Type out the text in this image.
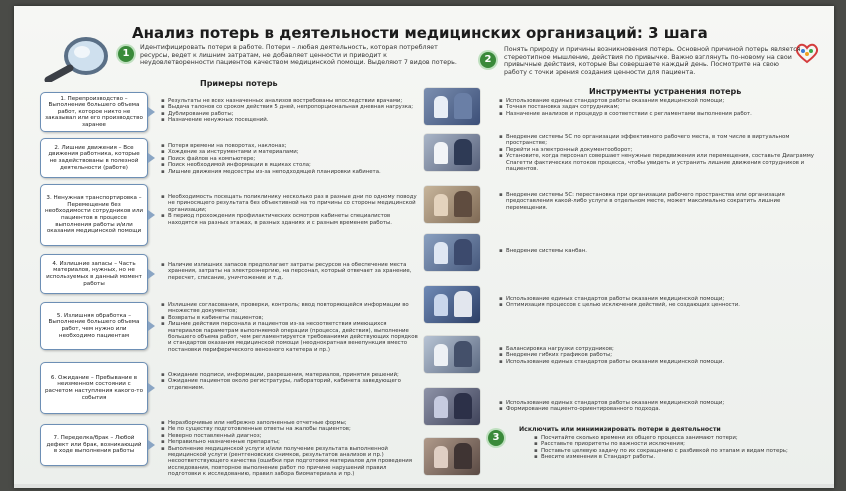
Анализ потерь в деятельности медицинских организаций: 3 шага
1
Идентифицировать потери в работе. Потери – любая деятельность, которая потребляет ресурсы, ведет к лишним затратам, не добавляет ценности и приводит к неудовлетворенности пациентов качеством медицинской помощи. Выделяют 7 видов потерь.	2
Понять природу и причины возникновения потерь. Основной причиной потерь является стереотипное мышление, действия по привычке. Важно взглянуть по-новому на свои привычные действия, которые Вы совершаете каждый день. Посмотрите на свою работу с точки зрения создания ценности для пациента.
Примеры потерь
Инструменты устранения потерь
1. Перепроизводство – Выполнение большего объема работ, которое никто не заказывал или его производство заранее
2. Лишние движения – Все движения работника, которые не задействованы в полезной деятельности (работе)
3. Ненужная транспортировка – Перемещение без необходимости сотрудников или пациентов в процессе выполнения работы и/или оказания медицинской помощи
4. Излишние запасы – Часть материалов, нужных, но не используемых в данный момент работы
5. Излишняя обработка – Выполнение большего объема работ, чем нужно или необходимо пациентам
6. Ожидание – Пребывание в неизменном состоянии с расчетом наступления какого-то события
7. Переделка/брак – Любой дефект или брак, возникающий в ходе выполнения работы
▪ Результаты не всех назначенных анализов востребованы впоследствии врачами;
▪ Выдача талонов со сроком действия 5 дней, непропорциональная дневная нагрузка;
▪ Дублирование работы;
▪ Назначение ненужных посещений.
▪ Потеря времени на поворотах, наклонах;
▪ Хождение за инструментами и материалами;
▪ Поиск файлов на компьютере;
▪ Поиск необходимой информации в ящиках стола;
▪ Лишние движения медсестры из-за неподходящей планировки кабинета.
▪ Необходимость посещать поликлинику несколько раз в разные дни по одному поводу не приносящего результата без объективной на то причины со стороны медицинской организации;
▪ В период прохождения профилактических осмотров кабинеты специалистов находятся на разных этажах, в разных зданиях и с разным временем работы.
▪ Наличие излишних запасов предполагает затраты ресурсов на обеспечение места хранения, затраты на электроэнергию, на персонал, который отвечает за хранение, пересчет, списание, уничтожение и т.д.
▪ Излишние согласования, проверки, контроль; ввод повторяющейся информации во множестве документов;
▪ Возвраты в кабинеты пациентов;
▪ Лишние действия персонала и пациентов из-за несоответствия имеющихся материалов параметрам выполняемой операции (процесса, действия), выполнение большего объема работ, чем регламентируется требованиями действующих порядков и стандартов оказания медицинской помощи (неоднократная венепункция вместо постановки периферического венозного катетера и пр.)
▪ Ожидание подписи, информации, разрешения, материалов, принятия решений;
▪ Ожидание пациентов около регистратуры, лабораторий, кабинета заведующего отделением.
▪ Неразборчивые или небрежно заполненные отчетные формы;
▪ Не по существу подготовленные ответы на жалобы пациентов;
▪ Неверно поставленный диагноз;
▪ Неправильно назначенные препараты;
▪ Выполнение медицинской услуги и/или получение результата выполненной медицинской услуги (рентгеновских снимков, результатов анализов и пр.) несоответствующего качества (ошибки при подготовке материалов для проведения исследования, повторное выполнение работ по причине нарушений правил подготовки к исследованию, правил забора биоматериала и пр.)
▪ Использование единых стандартов работы оказания медицинской помощи;
▪ Точная постановка задач сотрудникам;
▪ Назначение анализов и процедур в соответствии с регламентами выполнения работ.
▪ Внедрение системы 5С по организации эффективного рабочего места, в том числе в виртуальном пространстве;
▪ Перейти на электронный документооборот;
▪ Установите, когда персонал совершает ненужные передвижения или перемещения, составьте Диаграмму Спагетти фактических потоков процесса, чтобы увидеть и устранить лишние движения сотрудников и пациентов.
▪ Внедрение системы 5С: перестановка при организации рабочего пространства или организация предоставления какой-либо услуги в отдельном месте, может максимально сократить лишние перемещения.
▪ Внедрение системы канбан.
▪ Использование единых стандартов работы оказания медицинской помощи;
▪ Оптимизация процессов с целью исключения действий, не создающих ценности.
▪ Балансировка нагрузки сотрудников;
▪ Внедрение гибких графиков работы;
▪ Использование единых стандартов работы оказания медицинской помощи.
▪ Использование единых стандартов работы оказания медицинской помощи;
▪ Формирование пациенто-ориентированного подхода.
3
Исключить или минимизировать потери в деятельности
▪ Посчитайте сколько времени из общего процесса занимают потери;
▪ Расставьте приоритеты по важности исключения;
▪ Поставьте целевую задачу по их сокращению с разбивкой по этапам и видам потерь;
▪ Внесите изменения в Стандарт работы.
